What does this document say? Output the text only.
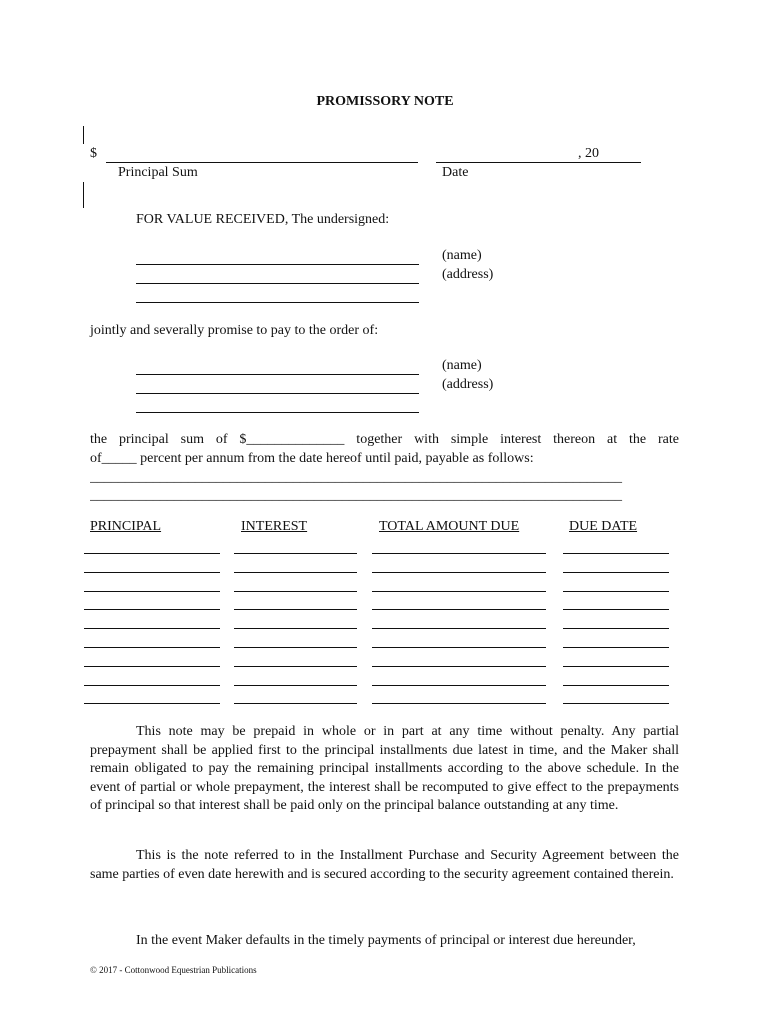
PROMISSORY NOTE
$	, 20
Principal Sum	Date
FOR VALUE RECEIVED, The undersigned:
(name)
(address)
jointly and severally promise to pay to the order of:
(name)
(address)
the principal sum of $______________ together with simple interest thereon at the rate
of_____ percent per annum from the date hereof until paid, payable as follows:
____________________________________________________________________________
____________________________________________________________________________
PRINCIPAL	INTEREST	TOTAL AMOUNT DUE	DUE DATE
This note may be prepaid in whole or in part at any time without penalty. Any partial prepayment shall be applied first to the principal installments due latest in time, and the Maker shall remain obligated to pay the remaining principal installments according to the above schedule. In the event of partial or whole prepayment, the interest shall be recomputed to give effect to the prepayments of principal so that interest shall be paid only on the principal balance outstanding at any time.
This is the note referred to in the Installment Purchase and Security Agreement between the same parties of even date herewith and is secured according to the security agreement contained therein.
In the event Maker defaults in the timely payments of principal or interest due hereunder,
© 2017 - Cottonwood Equestrian Publications
